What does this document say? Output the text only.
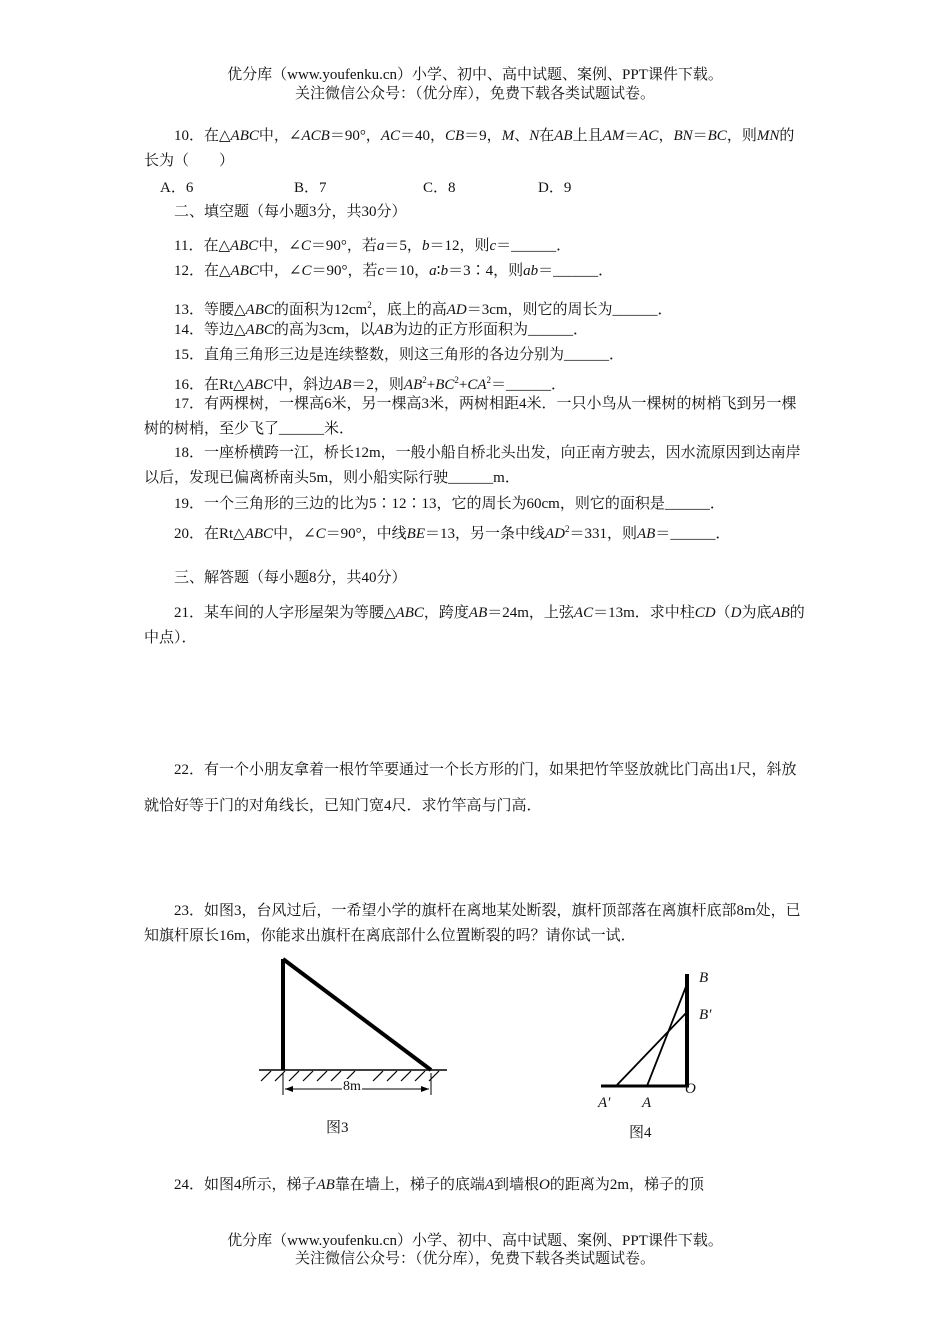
优分库（www.youfenku.cn）小学、初中、高中试题、案例、PPT课件下载。
关注微信公众号：（优分库），免费下载各类试题试卷。
10．在△ABC中，∠ACB＝90°，AC＝40，CB＝9，M、N在AB上且AM＝AC，BN＝BC，则MN的长为（　　）
A．6	B．7	C．8	D．9
二、填空题（每小题3分，共30分）
11．在△ABC中，∠C＝90°，若a＝5，b＝12，则c＝______．
12．在△ABC中，∠C＝90°，若c＝10，a∶b＝3∶4，则ab＝______．
13．等腰△ABC的面积为$12cm^2$，底上的高AD＝3cm，则它的周长为______．
14．等边△ABC的高为3cm，以AB为边的正方形面积为______．
15．直角三角形三边是连续整数，则这三角形的各边分别为______．
16．在Rt△ABC中，斜边AB＝2，则$AB^2+BC^2+CA^2=\_\_\_\_\_\_$．
17．有两棵树，一棵高6米，另一棵高3米，两树相距4米．一只小鸟从一棵树的树梢飞到另一棵树的树梢，至少飞了______米．
18．一座桥横跨一江，桥长12m，一般小船自桥北头出发，向正南方驶去，因水流原因到达南岸以后，发现已偏离桥南头5m，则小船实际行驶______m．
19．一个三角形的三边的比为5∶12∶13，它的周长为60cm，则它的面积是______．
20．在Rt△ABC中，∠C＝90°，中线BE＝13，另一条中线$AD^2=331$，则AB＝______．
三、解答题（每小题8分，共40分）
21．某车间的人字形屋架为等腰△ABC，跨度AB＝24m，上弦AC＝13m．求中柱CD（D为底AB的中点）．
22．有一个小朋友拿着一根竹竿要通过一个长方形的门，如果把竹竿竖放就比门高出1尺，斜放就恰好等于门的对角线长，已知门宽4尺．求竹竿高与门高．
23．如图3，台风过后，一希望小学的旗杆在离地某处断裂，旗杆顶部落在离旗杆底部8m处，已知旗杆原长16m，你能求出旗杆在离底部什么位置断裂的吗？请你试一试．
8m
图3
B
B′
O
A′ A
图4
24．如图4所示，梯子AB靠在墙上，梯子的底端A到墙根O的距离为2m，梯子的顶
优分库（www.youfenku.cn）小学、初中、高中试题、案例、PPT课件下载。
关注微信公众号：（优分库），免费下载各类试题试卷。
